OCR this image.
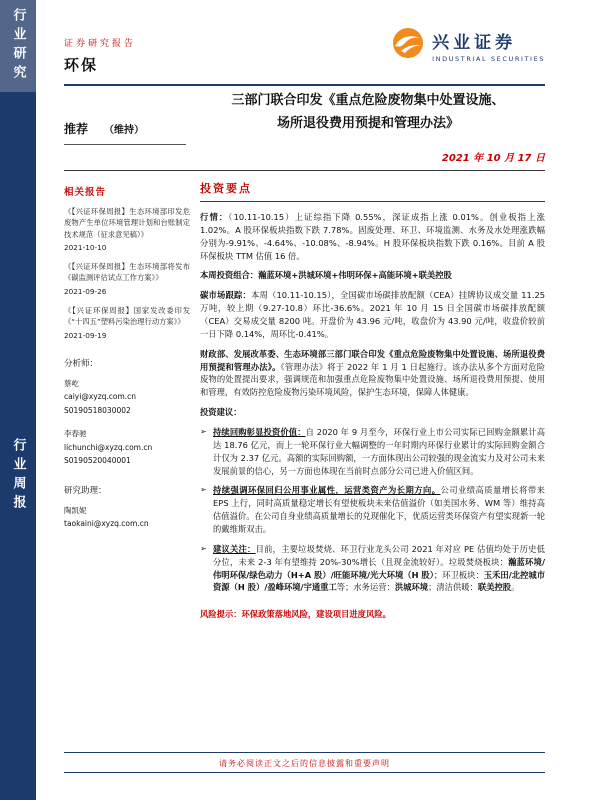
行业研究
行业周报
证券研究报告
环保
兴业证券
INDUSTRIAL SECURITIES
推荐 （维持）
三部门联合印发《重点危险废物集中处置设施、
场所退役费用预提和管理办法》
2021 年 10 月 17 日
相关报告
《【兴证环保周报】生态环境部印发危废物产生单位环境管理计划和台账制定技术规范（征求意见稿）》
2021-10-10
《【兴证环保周报】生态环境部将发布《碳监测评估试点工作方案》》
2021-09-26
《【兴证环保周报】国家发改委印发《“十四五”塑料污染治理行动方案》》
2021-09-19
分析师：
蔡屹
caiyi@xyzq.com.cn
S0190518030002
李春驰
lichunchi@xyzq.com.cn
S0190520040001
研究助理：
陶凯妮
taokaini@xyzq.com.cn
投资要点
行情：（10.11-10.15）上证综指下降 0.55%，深证成指上涨 0.01%。创业板指上涨 1.02%。A 股环保板块指数下跌 7.78%。固废处理、环卫、环境监测、水务及水处理涨跌幅分别为-9.91%、-4.64%、-10.08%、-8.94%。H 股环保板块指数下跌 0.16%。目前 A 股环保板块 TTM 估值 16 倍。
本周投资组合：瀚蓝环境+洪城环境+伟明环保+高能环境+联美控股
碳市场跟踪：本周（10.11-10.15），全国碳市场碳排放配额（CEA）挂牌协议成交量 11.25 万吨，较上期（9.27-10.8）环比-36.6%。2021 年 10 月 15 日全国碳市场碳排放配额（CEA）交易成交量 8200 吨。开盘价为 43.96 元/吨，收盘价为 43.90 元/吨，收盘价较前一日下降 0.14%，周环比-0.41%。
财政部、发展改革委、生态环境部三部门联合印发《重点危险废物集中处置设施、场所退役费用预提和管理办法》。《管理办法》将于 2022 年 1 月 1 日起施行。该办法从多个方面对危险废物的处置提出要求，强调规范和加强重点危险废物集中处置设施、场所退役费用预提、使用和管理，有效防控危险废物污染环境风险，保护生态环境，保障人体健康。
投资建议：
➢ 持续回购彰显投资价值：自 2020 年 9 月至今，环保行业上市公司实际已回购金额累计高达 18.76 亿元，而上一轮环保行业大幅调整的一年时期内环保行业累计的实际回购金额合计仅为 2.37 亿元。高额的实际回购额，一方面体现出公司较强的现金流实力及对公司未来发展前景的信心，另一方面也体现在当前时点部分公司已进入价值区间。
➢ 持续强调环保回归公用事业属性，运营类资产为长期方向。公司业绩高质量增长将带来 EPS 上行，同时高质量稳定增长有望使板块未来估值溢价（如美国水务、WM 等）维持高估值溢价。在公司自身业绩高质量增长的兑现催化下，优质运营类环保资产有望实现新一轮的戴维斯双击。
➢ 建议关注：目前，主要垃圾焚烧、环卫行业龙头公司 2021 年对应 PE 估值均处于历史低分位，未来 2-3 年有望维持 20%-30%增长（且现金流较好）。垃圾焚烧板块：瀚蓝环境/伟明环保/绿色动力（H+A 股）/旺能环境/光大环境（H 股）；环卫板块：玉禾田/北控城市资源（H 股）/盈峰环境/宇通重工等；水务运营：洪城环境；清洁供暖：联美控股。
风险提示：环保政策落地风险，建设项目进度风险。
请务必阅读正文之后的信息披露和重要声明
